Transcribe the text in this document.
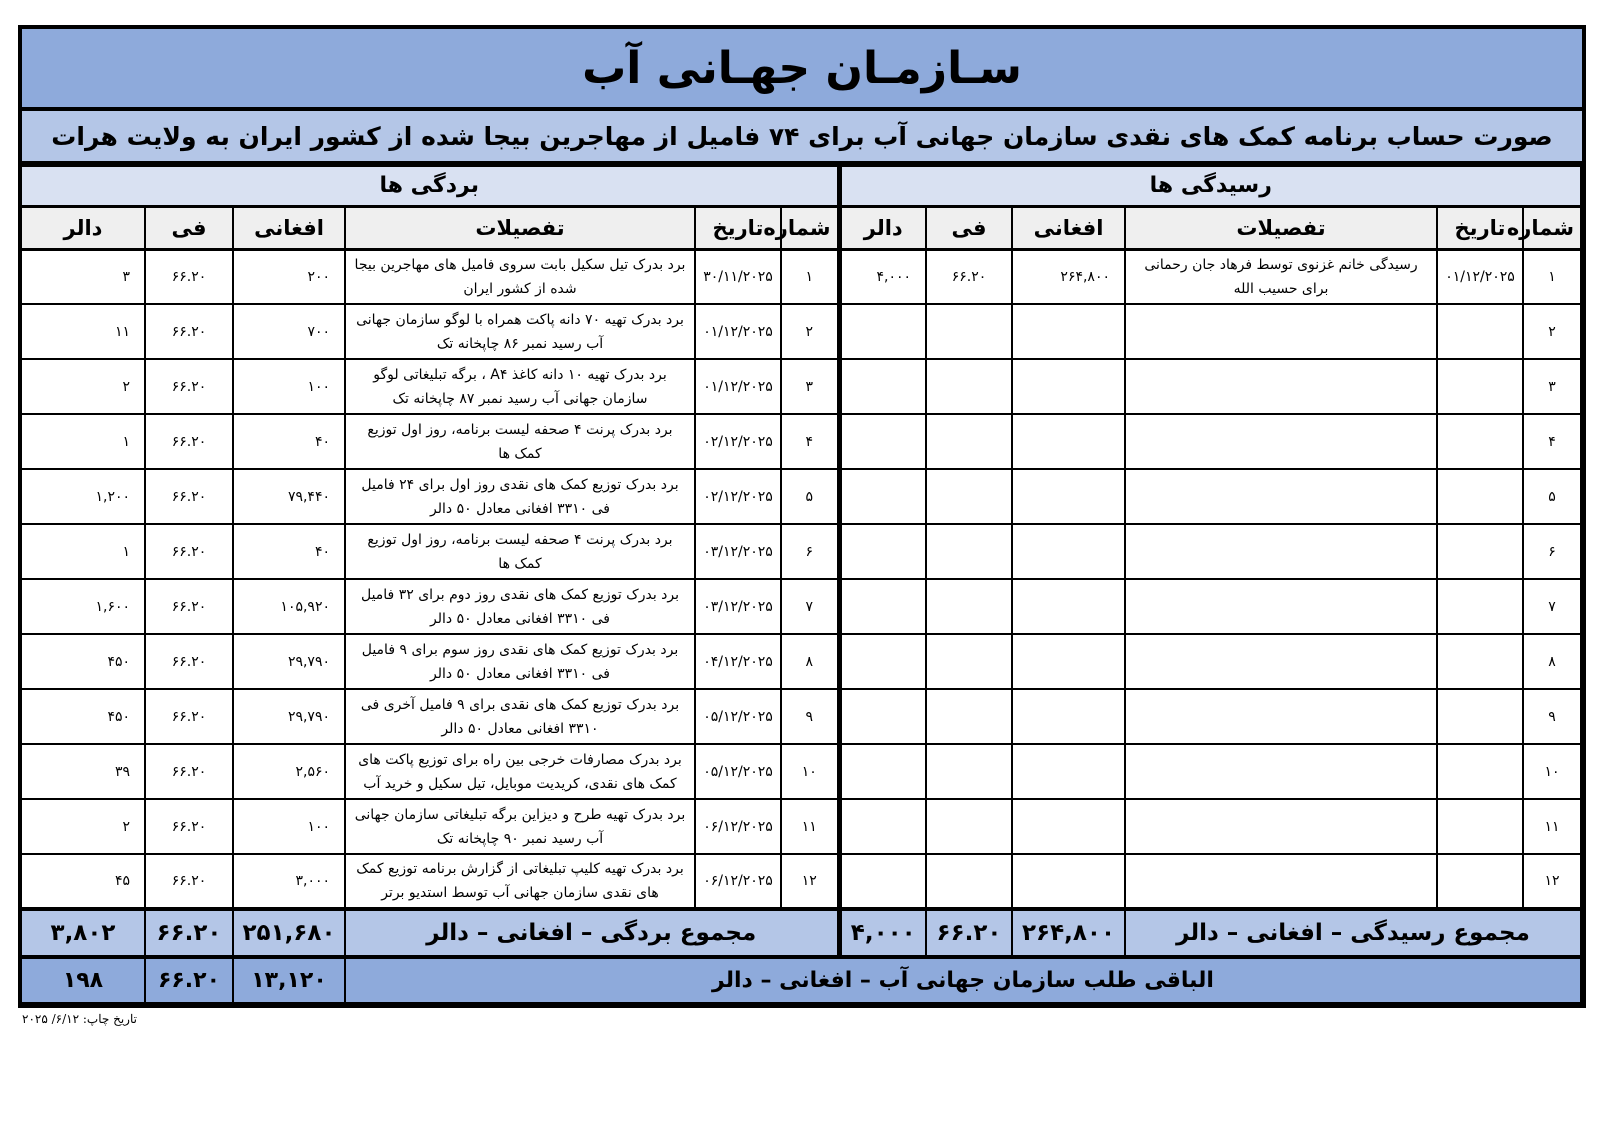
سـازمـان جهـانی آب
صورت حساب برنامه کمک های نقدی سازمان جهانی آب برای ۷۴ فامیل از مهاجرین بیجا شده از کشور ایران به ولایت هرات
رسیدگی ها						بردگی ها					
شماره	تاریخ	تفصیلات	افغانی	فی	دالر	شماره	تاریخ	تفصیلات	افغانی	فی	دالر
۱	۰۱/۱۲/۲۰۲۵	رسیدگی خانم غزنوی توسط فرهاد جان رحمانی برای حسیب الله	۲۶۴,۸۰۰	۶۶.۲۰	۴,۰۰۰	۱	۳۰/۱۱/۲۰۲۵	برد بدرک تیل سکیل بابت سروی فامیل های مهاجرین بیجا شده از کشور ایران	۲۰۰	۶۶.۲۰	۳
۲						۲	۰۱/۱۲/۲۰۲۵	برد بدرک تهیه ۷۰ دانه پاکت همراه با لوگو سازمان جهانی آب رسید نمبر ۸۶ چاپخانه تک	۷۰۰	۶۶.۲۰	۱۱
۳						۳	۰۱/۱۲/۲۰۲۵	برد بدرک تهیه ۱۰ دانه کاغذ A۴ ، برگه تبلیغاتی لوگو سازمان جهانی آب رسید نمبر ۸۷ چاپخانه تک	۱۰۰	۶۶.۲۰	۲
۴						۴	۰۲/۱۲/۲۰۲۵	برد بدرک پرنت ۴ صحفه لیست برنامه، روز اول توزیع کمک ها	۴۰	۶۶.۲۰	۱
۵						۵	۰۲/۱۲/۲۰۲۵	برد بدرک توزیع کمک های نقدی روز اول برای ۲۴ فامیل فی ۳۳۱۰ افغانی معادل ۵۰ دالر	۷۹,۴۴۰	۶۶.۲۰	۱,۲۰۰
۶						۶	۰۳/۱۲/۲۰۲۵	برد بدرک پرنت ۴ صحفه لیست برنامه، روز اول توزیع کمک ها	۴۰	۶۶.۲۰	۱
۷						۷	۰۳/۱۲/۲۰۲۵	برد بدرک توزیع کمک های نقدی روز دوم برای ۳۲ فامیل فی ۳۳۱۰ افغانی معادل ۵۰ دالر	۱۰۵,۹۲۰	۶۶.۲۰	۱,۶۰۰
۸						۸	۰۴/۱۲/۲۰۲۵	برد بدرک توزیع کمک های نقدی روز سوم برای ۹ فامیل فی ۳۳۱۰ افغانی معادل ۵۰ دالر	۲۹,۷۹۰	۶۶.۲۰	۴۵۰
۹						۹	۰۵/۱۲/۲۰۲۵	برد بدرک توزیع کمک های نقدی برای ۹ فامیل آخری فی ۳۳۱۰ افغانی معادل ۵۰ دالر	۲۹,۷۹۰	۶۶.۲۰	۴۵۰
۱۰						۱۰	۰۵/۱۲/۲۰۲۵	برد بدرک مصارفات خرجی بین راه برای توزیع پاکت های کمک های نقدی، کریدیت موبایل، تیل سکیل و خرید آب	۲,۵۶۰	۶۶.۲۰	۳۹
۱۱						۱۱	۰۶/۱۲/۲۰۲۵	برد بدرک تهیه طرح و دیزاین برگه تبلیغاتی سازمان جهانی آب رسید نمبر ۹۰ چاپخانه تک	۱۰۰	۶۶.۲۰	۲
۱۲						۱۲	۰۶/۱۲/۲۰۲۵	برد بدرک تهیه کلیپ تبلیغاتی از گزارش برنامه توزیع کمک های نقدی سازمان جهانی آب توسط استدیو برتر	۳,۰۰۰	۶۶.۲۰	۴۵
مجموع رسیدگی – افغانی – دالر			۲۶۴,۸۰۰	۶۶.۲۰	۴,۰۰۰	مجموع بردگی – افغانی – دالر			۲۵۱,۶۸۰	۶۶.۲۰	۳,۸۰۲
الباقی طلب سازمان جهانی آب – افغانی – دالر									۱۳,۱۲۰	۶۶.۲۰	۱۹۸
تاریخ چاپ: ۶/۱۲/ ۲۰۲۵
